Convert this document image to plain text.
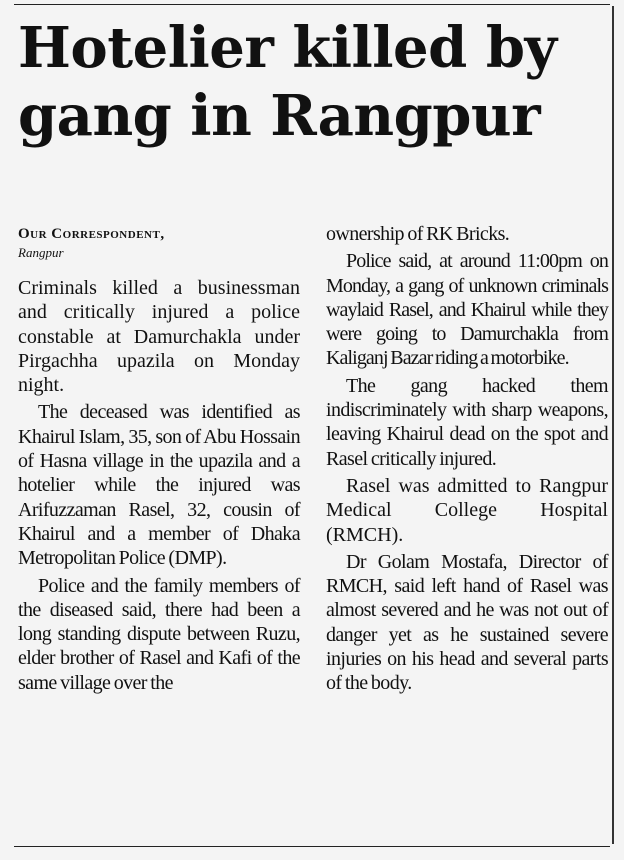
Hotelier killed by gang in Rangpur
Our Correspondent,
Rangpur

Criminals killed a businessman and critically injured a police constable at Damurchakla under Pirgachha upazila on Monday night.

The deceased was identified as Khairul Islam, 35, son of Abu Hossain of Hasna village in the upazila and a hotelier while the injured was Arifuzzaman Rasel, 32, cousin of Khairul and a member of Dhaka Metropolitan Police (DMP).

Police and the family members of the diseased said, there had been a long standing dispute between Ruzu, elder brother of Rasel and Kafi of the same village over the

ownership of RK Bricks.

Police said, at around 11:00pm on Monday, a gang of unknown criminals waylaid Rasel, and Khairul while they were going to Damurchakla from Kaliganj Bazar riding a motorbike.

The gang hacked them indiscriminately with sharp weapons, leaving Khairul dead on the spot and Rasel critically injured.

Rasel was admitted to Rangpur Medical College Hospital (RMCH).

Dr Golam Mostafa, Director of RMCH, said left hand of Rasel was almost severed and he was not out of danger yet as he sustained severe injuries on his head and several parts of the body.
